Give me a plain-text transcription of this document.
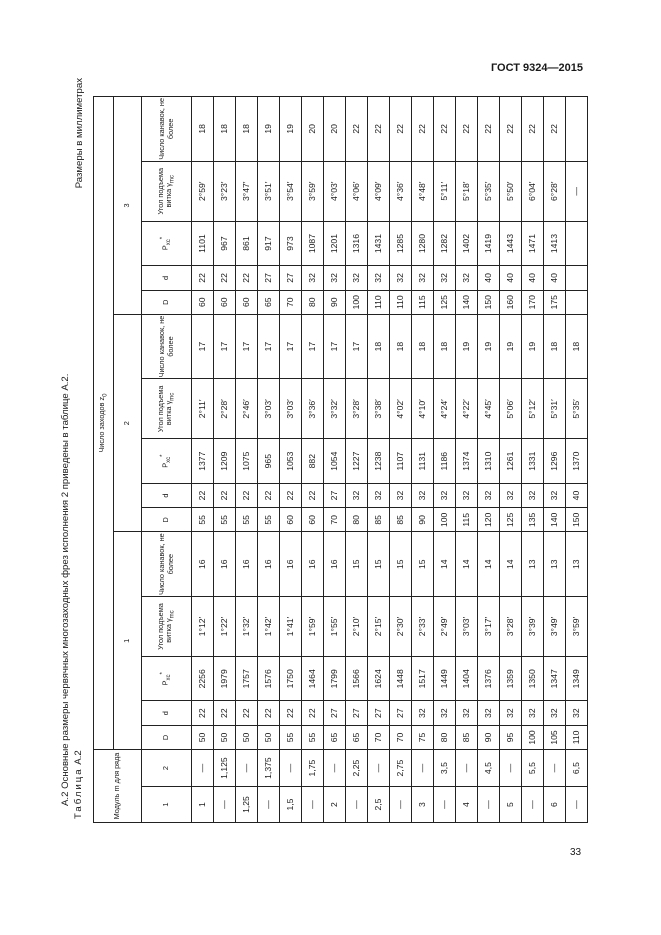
ГОСТ 9324—2015
33
А.2 Основные размеры червячных многозаходных фрез исполнения 2 приведены в таблице А.2. Таблица А.2
Размеры в миллиметрах
Модуль m для ряда		Число заходов $z_0$
		1					2					3				
1	2	D	d	$P_{xc}^*$	Угол подъема витка $\gamma_{mc}$	Число канавок, не более	D	d	$P_{xc}^*$	Угол подъема витка $\gamma_{mc}$	Число канавок, не более	D	d	$P_{xc}^*$	Угол подъема витка $\gamma_{mc}$	Число канавок, не более
1	—	50	22	2256	1°12′	16	55	22	1377	2°11′	17	60	22	1101	2°59′	18
—	1,125	50	22	1979	1°22′	16	55	22	1209	2°28′	17	60	22	967	3°23′	18
1,25	—	50	22	1757	1°32′	16	55	22	1075	2°46′	17	60	22	861	3°47′	18
—	1,375	50	22	1576	1°42′	16	55	22	965	3°03′	17	65	27	917	3°51′	19
1,5	—	55	22	1750	1°41′	16	60	22	1053	3°03′	17	70	27	973	3°54′	19
—	1,75	55	22	1464	1°59′	16	60	22	882	3°36′	17	80	32	1087	3°59′	20
2	—	65	27	1799	1°55′	16	70	27	1054	3°32′	17	90	32	1201	4°03′	20
—	2,25	65	27	1566	2°10′	15	80	32	1227	3°28′	17	100	32	1316	4°06′	22
2,5	—	70	27	1624	2°15′	15	85	32	1238	3°38′	18	110	32	1431	4°09′	22
—	2,75	70	27	1448	2°30′	15	85	32	1107	4°02′	18	110	32	1285	4°36′	22
3	—	75	32	1517	2°33′	15	90	32	1131	4°10′	18	115	32	1280	4°48′	22
—	3,5	80	32	1449	2°49′	14	100	32	1186	4°24′	18	125	32	1282	5°11′	22
4	—	85	32	1404	3°03′	14	115	32	1374	4°22′	19	140	32	1402	5°18′	22
—	4,5	90	32	1376	3°17′	14	120	32	1310	4°45′	19	150	40	1419	5°35′	22
5	—	95	32	1359	3°28′	14	125	32	1261	5°06′	19	160	40	1443	5°50′	22
—	5,5	100	32	1350	3°39′	13	135	32	1331	5°12′	19	170	40	1471	6°04′	22
6	—	105	32	1347	3°49′	13	140	32	1296	5°31′	18	175	40	1413	6°28′	22
—	6,5	110	32	1349	3°59′	13	150	40	1370	5°35′	18				—	
